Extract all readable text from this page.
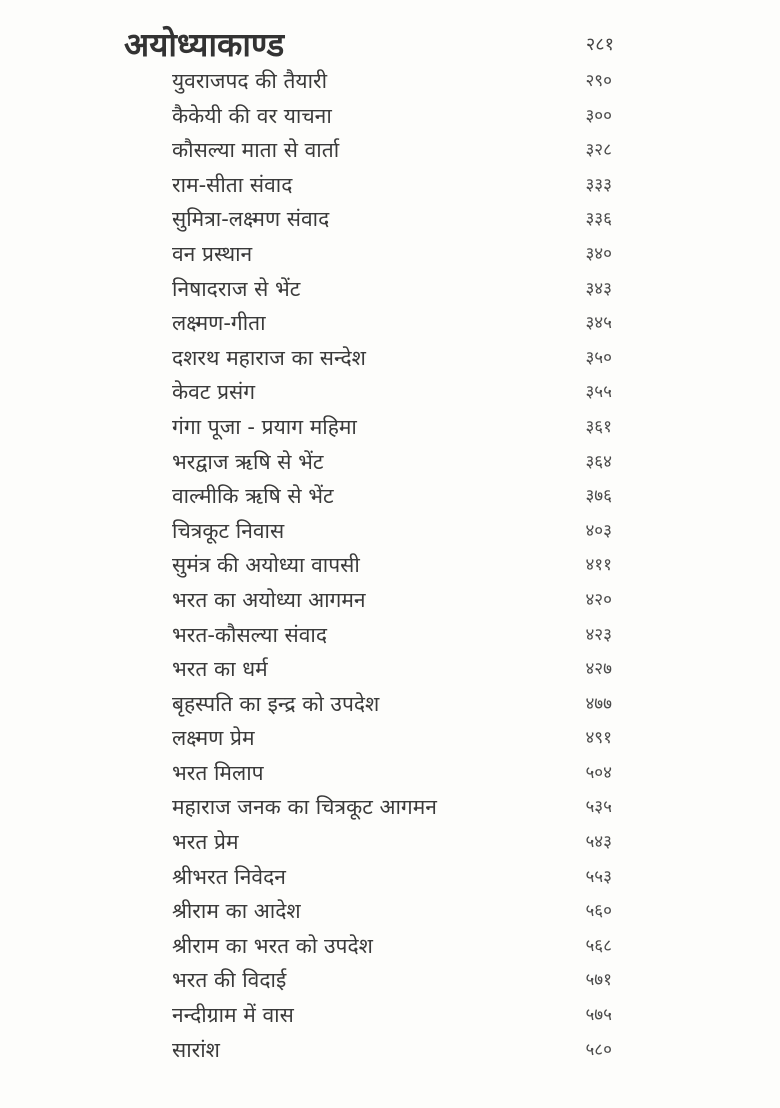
अयोध्याकाण्ड	२८१
युवराजपद की तैयारी	२९०
कैकेयी की वर याचना	३००
कौसल्या माता से वार्ता	३२८
राम-सीता संवाद	३३३
सुमित्रा-लक्ष्मण संवाद	३३६
वन प्रस्थान	३४०
निषादराज से भेंट	३४३
लक्ष्मण-गीता	३४५
दशरथ महाराज का सन्देश	३५०
केवट प्रसंग	३५५
गंगा पूजा - प्रयाग महिमा	३६१
भरद्वाज ऋषि से भेंट	३६४
वाल्मीकि ऋषि से भेंट	३७६
चित्रकूट निवास	४०३
सुमंत्र की अयोध्या वापसी	४११
भरत का अयोध्या आगमन	४२०
भरत-कौसल्या संवाद	४२३
भरत का धर्म	४२७
बृहस्पति का इन्द्र को उपदेश	४७७
लक्ष्मण प्रेम	४९१
भरत मिलाप	५०४
महाराज जनक का चित्रकूट आगमन	५३५
भरत प्रेम	५४३
श्रीभरत निवेदन	५५३
श्रीराम का आदेश	५६०
श्रीराम का भरत को उपदेश	५६८
भरत की विदाई	५७१
नन्दीग्राम में वास	५७५
सारांश	५८०
